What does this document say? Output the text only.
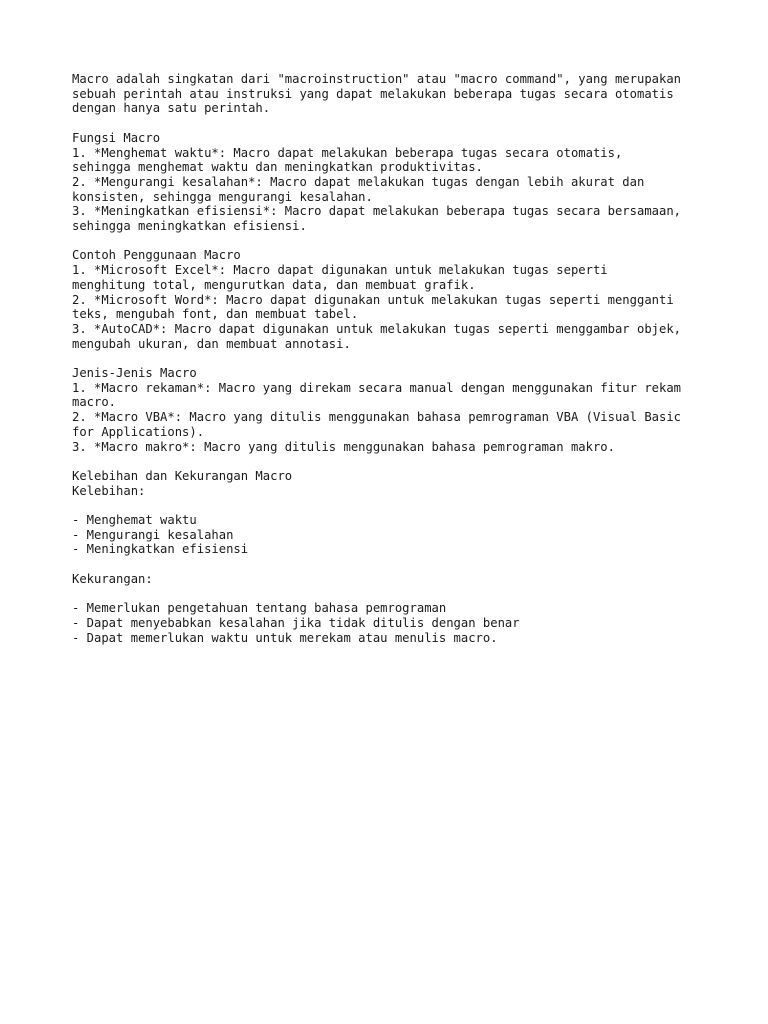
Macro adalah singkatan dari "macroinstruction" atau "macro command", yang merupakan
sebuah perintah atau instruksi yang dapat melakukan beberapa tugas secara otomatis
dengan hanya satu perintah.
Fungsi Macro
1. *Menghemat waktu*: Macro dapat melakukan beberapa tugas secara otomatis,
sehingga menghemat waktu dan meningkatkan produktivitas.
2. *Mengurangi kesalahan*: Macro dapat melakukan tugas dengan lebih akurat dan
konsisten, sehingga mengurangi kesalahan.
3. *Meningkatkan efisiensi*: Macro dapat melakukan beberapa tugas secara bersamaan,
sehingga meningkatkan efisiensi.
Contoh Penggunaan Macro
1. *Microsoft Excel*: Macro dapat digunakan untuk melakukan tugas seperti
menghitung total, mengurutkan data, dan membuat grafik.
2. *Microsoft Word*: Macro dapat digunakan untuk melakukan tugas seperti mengganti
teks, mengubah font, dan membuat tabel.
3. *AutoCAD*: Macro dapat digunakan untuk melakukan tugas seperti menggambar objek,
mengubah ukuran, dan membuat annotasi.
Jenis-Jenis Macro
1. *Macro rekaman*: Macro yang direkam secara manual dengan menggunakan fitur rekam
macro.
2. *Macro VBA*: Macro yang ditulis menggunakan bahasa pemrograman VBA (Visual Basic
for Applications).
3. *Macro makro*: Macro yang ditulis menggunakan bahasa pemrograman makro.
Kelebihan dan Kekurangan Macro
Kelebihan:
- Menghemat waktu
- Mengurangi kesalahan
- Meningkatkan efisiensi
Kekurangan:
- Memerlukan pengetahuan tentang bahasa pemrograman
- Dapat menyebabkan kesalahan jika tidak ditulis dengan benar
- Dapat memerlukan waktu untuk merekam atau menulis macro.
